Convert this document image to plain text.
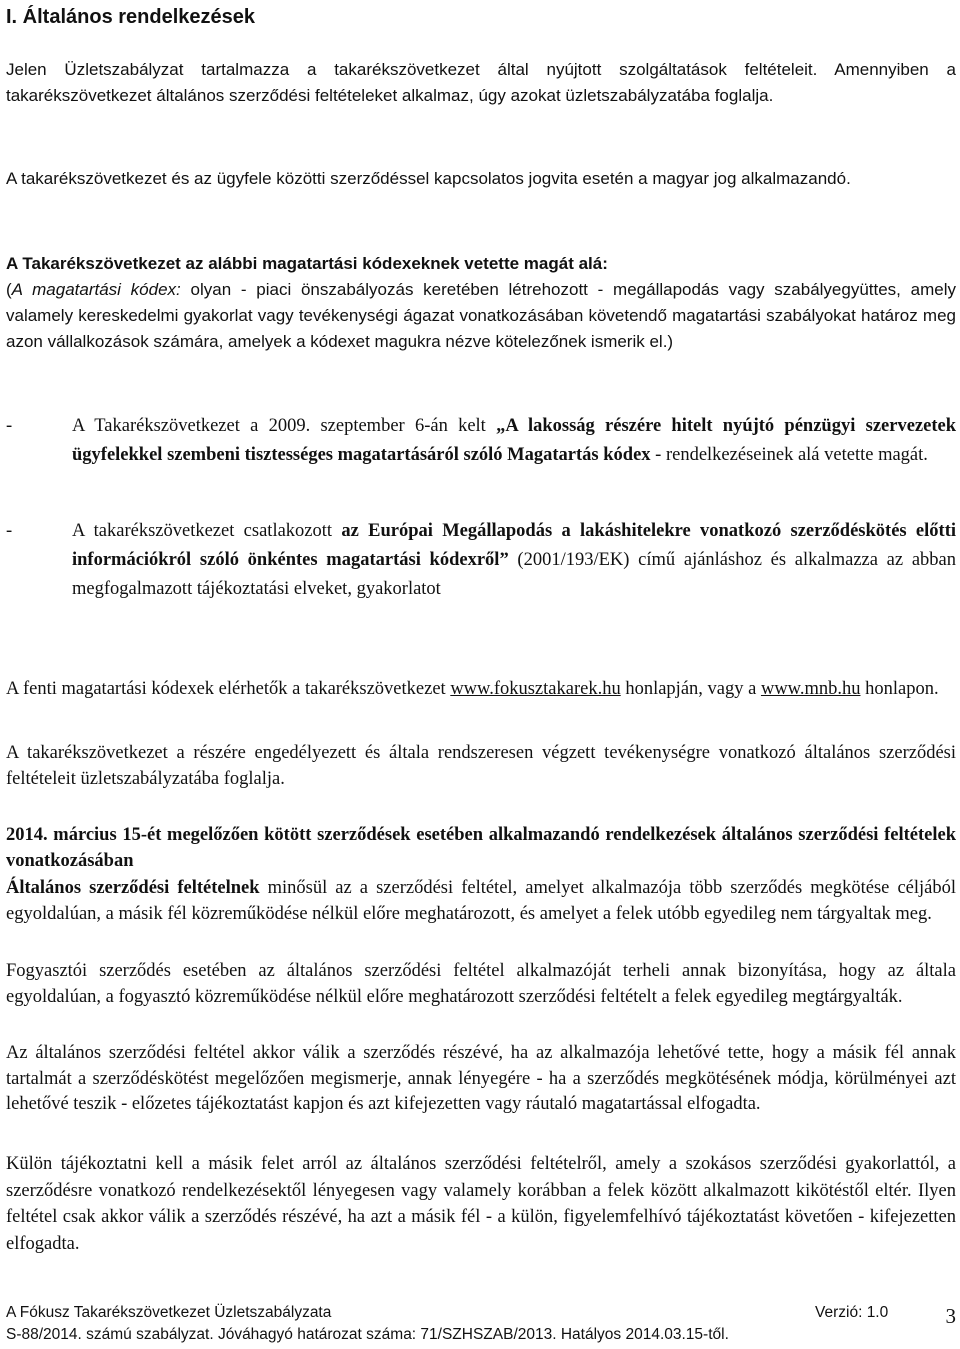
I. Általános rendelkezések

Jelen Üzletszabályzat tartalmazza a takarékszövetkezet által nyújtott szolgáltatások feltételeit. Amennyiben a takarékszövetkezet általános szerződési feltételeket alkalmaz, úgy azokat üzletszabályzatába foglalja.

A takarékszövetkezet és az ügyfele közötti szerződéssel kapcsolatos jogvita esetén a magyar jog alkalmazandó.

A Takarékszövetkezet az alábbi magatartási kódexeknek vetette magát alá:
(A magatartási kódex: olyan - piaci önszabályozás keretében létrehozott - megállapodás vagy szabályegyüttes, amely valamely kereskedelmi gyakorlat vagy tevékenységi ágazat vonatkozásában követendő magatartási szabályokat határoz meg azon vállalkozások számára, amelyek a kódexet magukra nézve kötelezőnek ismerik el.)
-	A Takarékszövetkezet a 2009. szeptember 6-án kelt „A lakosság részére hitelt nyújtó pénzügyi szervezetek ügyfelekkel szembeni tisztességes magatartásáról szóló Magatartás kódex - rendelkezéseinek alá vetette magát.
-	A takarékszövetkezet csatlakozott az Európai Megállapodás a lakáshitelekre vonatkozó szerződéskötés előtti információkról szóló önkéntes magatartási kódexről” (2001/193/EK) című ajánláshoz és alkalmazza az abban megfogalmazott tájékoztatási elveket, gyakorlatot

A fenti magatartási kódexek elérhetők a takarékszövetkezet www.fokusztakarek.hu honlapján, vagy a www.mnb.hu honlapon.

A takarékszövetkezet a részére engedélyezett és általa rendszeresen végzett tevékenységre vonatkozó általános szerződési feltételeit üzletszabályzatába foglalja.

2014. március 15-ét megelőzően kötött szerződések esetében alkalmazandó rendelkezések általános szerződési feltételek vonatkozásában

Általános szerződési feltételnek minősül az a szerződési feltétel, amelyet alkalmazója több szerződés megkötése céljából egyoldalúan, a másik fél közreműködése nélkül előre meghatározott, és amelyet a felek utóbb egyedileg nem tárgyaltak meg.

Fogyasztói szerződés esetében az általános szerződési feltétel alkalmazóját terheli annak bizonyítása, hogy az általa egyoldalúan, a fogyasztó közreműködése nélkül előre meghatározott szerződési feltételt a felek egyedileg megtárgyalták.

Az általános szerződési feltétel akkor válik a szerződés részévé, ha az alkalmazója lehetővé tette, hogy a másik fél annak tartalmát a szerződéskötést megelőzően megismerje, annak lényegére - ha a szerződés megkötésének módja, körülményei azt lehetővé teszik - előzetes tájékoztatást kapjon és azt kifejezetten vagy ráutaló magatartással elfogadta.

Külön tájékoztatni kell a másik felet arról az általános szerződési feltételről, amely a szokásos szerződési gyakorlattól, a szerződésre vonatkozó rendelkezésektől lényegesen vagy valamely korábban a felek között alkalmazott kikötéstől eltér. Ilyen feltétel csak akkor válik a szerződés részévé, ha azt a másik fél - a külön, figyelemfelhívó tájékoztatást követően - kifejezetten elfogadta.

A Fókusz Takarékszövetkezet Üzletszabályzata	Verzió: 1.0
S-88/2014. számú szabályzat. Jóváhagyó határozat száma: 71/SZHSZAB/2013. Hatályos 2014.03.15-től.
3
